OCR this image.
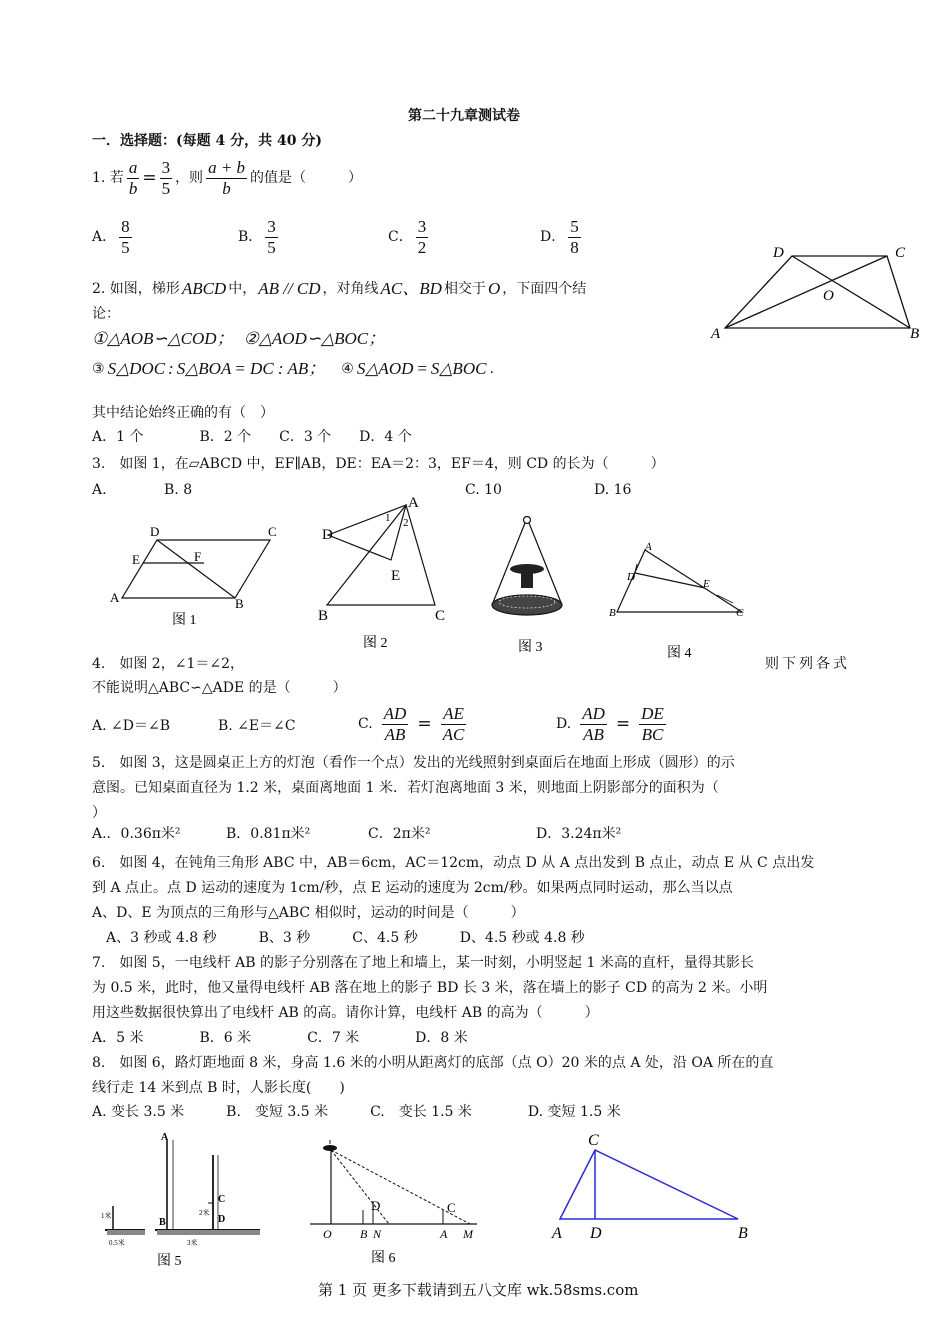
第二十九章测试卷
一．选择题：(每题 4 分，共 40 分)
1. 若 $\frac{a}{b} = \frac{3}{5}$ ，则 $\frac{a + b}{b}$ 的值是（　　　）
A． $\frac{8}{5}$	B． $\frac{3}{5}$	C． $\frac{3}{2}$	D． $\frac{5}{8}$	D	C
O
A	B
2. 如图，梯形 ABCD 中， AB // CD ，对角线 AC、BD 相交于 O ，下面四个结
论：
①△AOB∽△COD； ②△AOD∽△BOC；
③ S△DOC : S△BOA = DC : AB； ④ S△AOD = S△BOC .
其中结论始终正确的有（　）
A．1 个　　　　B．2 个　　C．3 个　　D．4 个
3.　如图 1，在▱ABCD 中，EF∥AB，DE：EA＝2：3，EF＝4，则 CD 的长为（　　　）
A.	B. 8	C. 10	D. 16
D	C
E	F
A	B
图 1
A
D
1 2
E
B	C
图 2	图 3
A
D
E
B	C
图 4
4.　如图 2，∠1＝∠2，	则下列各式
不能说明△ABC∽△ADE 的是（　　　）
A. ∠D＝∠B	B. ∠E＝∠C	C. $\frac{AD}{AB} = \frac{AE}{AC}$	D. $\frac{AD}{AB} = \frac{DE}{BC}$
5.　如图 3，这是圆桌正上方的灯泡（看作一个点）发出的光线照射到桌面后在地面上形成（圆形）的示
意图。已知桌面直径为 1.2 米，桌面离地面 1 米．若灯泡离地面 3 米，则地面上阴影部分的面积为（
）
A.．0.36π米²	B．0.81π米²	C．2π米²	D．3.24π米²
6.　如图 4，在钝角三角形 ABC 中，AB＝6cm，AC＝12cm，动点 D 从 A 点出发到 B 点止，动点 E 从 C 点出发
到 A 点止。点 D 运动的速度为 1cm/秒，点 E 运动的速度为 2cm/秒。如果两点同时运动，那么当以点
A、D、E 为顶点的三角形与△ABC 相似时，运动的时间是（　　　）
A、3 秒或 4.8 秒　　　B、3 秒　　　C、4.5 秒　　　D、4.5 秒或 4.8 秒
7.　如图 5，一电线杆 AB 的影子分别落在了地上和墙上，某一时刻，小明竖起 1 米高的直杆，量得其影长
为 0.5 米，此时，他又量得电线杆 AB 落在地上的影子 BD 长 3 米，落在墙上的影子 CD 的高为 2 米。小明
用这些数据很快算出了电线杆 AB 的高。请你计算，电线杆 AB 的高为（　　　）
A．5 米　　　　B．6 米　　　　C．7 米　　　　D．8 米
8.　如图 6，路灯距地面 8 米，身高 1.6 米的小明从距离灯的底部（点 O）20 米的点 A 处，沿 OA 所在的直
线行走 14 米到点 B 时，人影长度(　　)
A. 变长 3.5 米　　　B.　变短 3.5 米　　　C.　变长 1.5 米　　　　D. 变短 1.5 米
A
B
C
D
1米
0.5米
2米
3米
图 5
O B N
D
A M
C
图 6
C
A D	B
第 1 页 更多下载请到五八文库 wk.58sms.com
